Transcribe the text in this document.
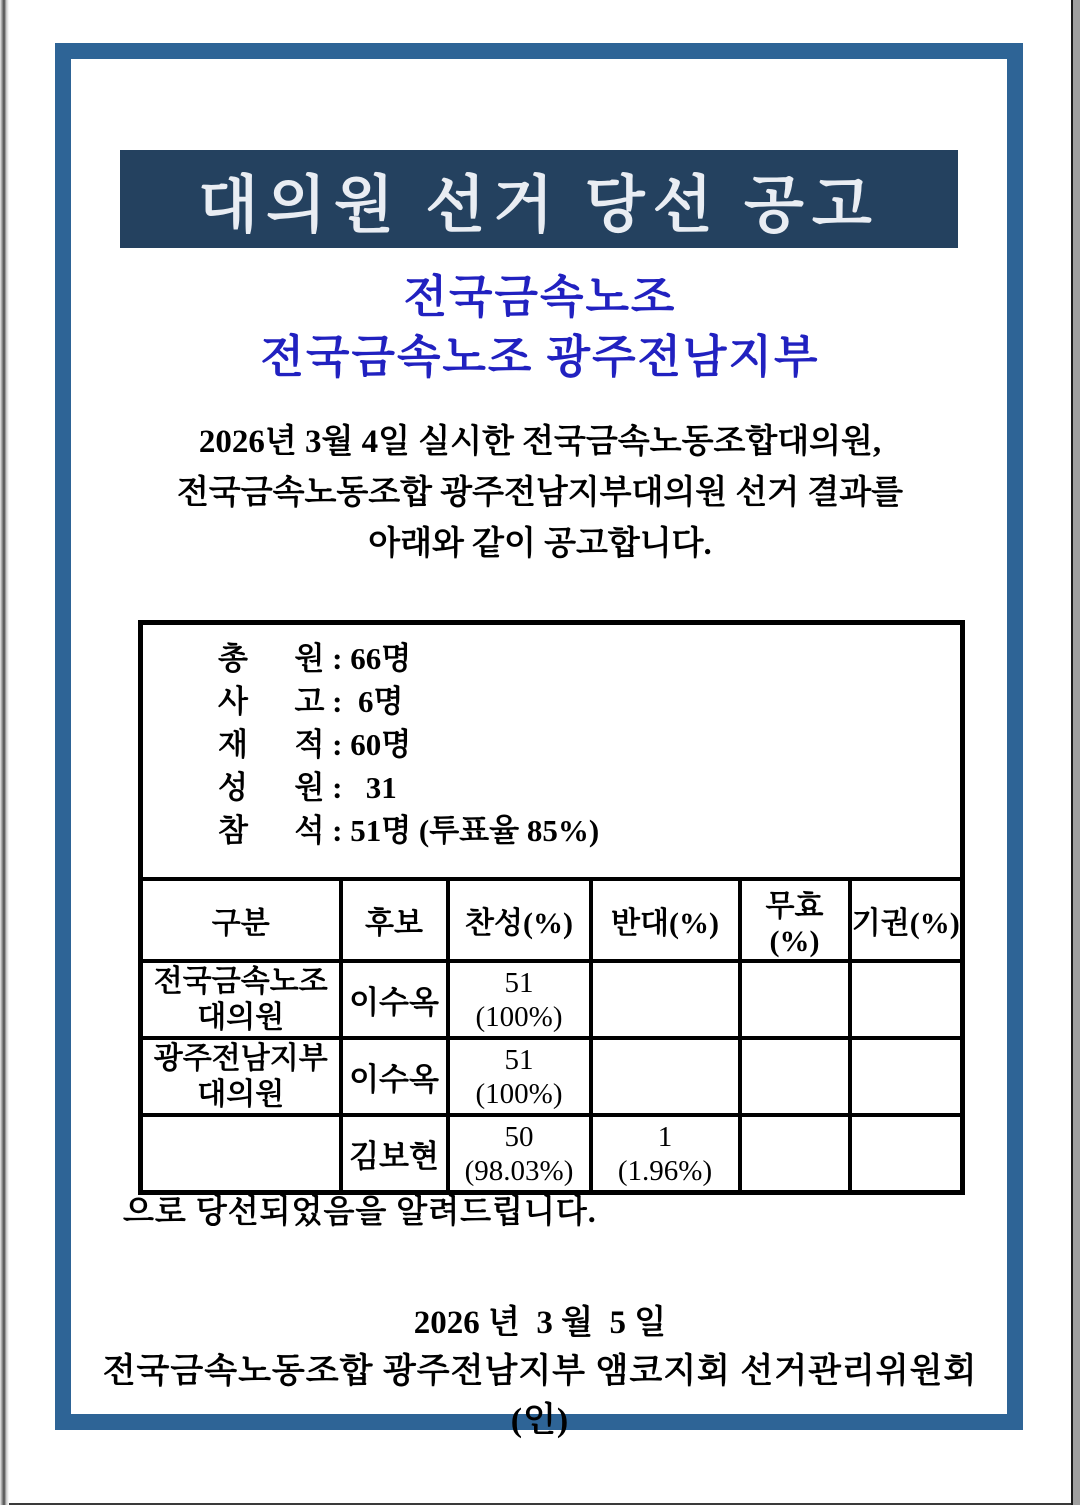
대의원 선거 당선 공고
전국금속노조
전국금속노조 광주전남지부
2026년 3월 4일 실시한 전국금속노동조합대의원,
전국금속노동조합 광주전남지부대의원 선거 결과를
아래와 같이 공고합니다.
총      원 : 66명
사      고 :  6명
재      적 : 60명
성      원 :   31
참      석 : 51명 (투표율 85%)					

구분	후보	찬성(%)	반대(%)	무효(%)	기권(%)

전국금속노조
대의원	이수옥	51
(100%)			

광주전남지부
대의원	이수옥	51
(100%)			

	김보현	50
(98.03%)	1
(1.96%)		

으로 당선되었음을 알려드립니다.
2026 년  3 월  5 일
전국금속노동조합 광주전남지부 앰코지회 선거관리위원회 (인)
